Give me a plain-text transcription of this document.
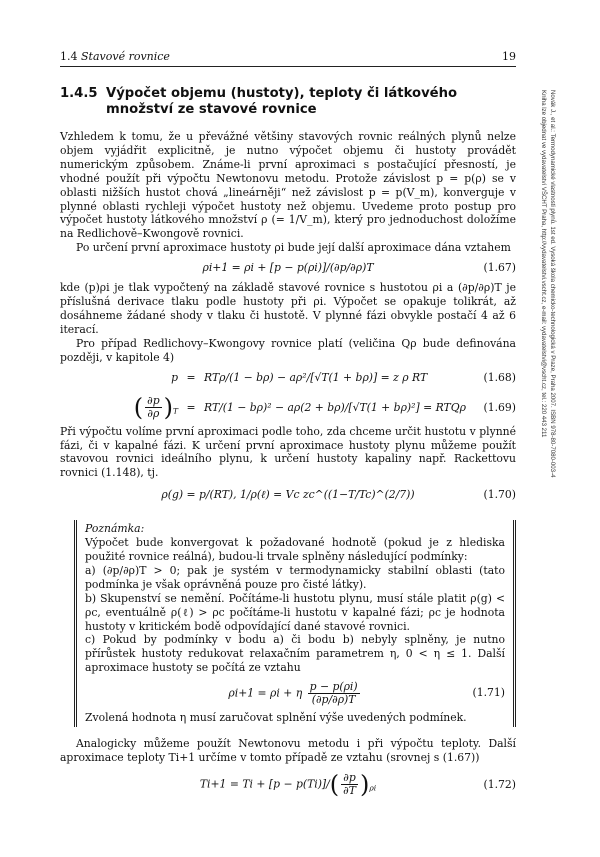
1.4 Stavové rovnice	19
Novák J., et al.: Termodynamické vlastnosti plynů. 1st ed. Vysoká škola chemicko-technologická v Praze, Praha 2007. ISBN 978-80-7080-003-4
Kniha lze objednat ve vydavatelství VŠCHT Praha, http://vydavatelstvi.vscht.cz, e-mail: vydavatelstvi@vscht.cz, tel.: 220 443 211
1.4.5 Výpočet objemu (hustoty), teploty či látkového množství ze stavové rovnice

Vzhledem k tomu, že u převážné většiny stavových rovnic reálných plynů nelze objem vyjádřit explicitně, je nutno výpočet objemu či hustoty provádět numerickým způsobem. Známe-li první aproximaci s postačující přesností, je vhodné použít při výpočtu Newtonovu metodu. Protože závislost p = p(ρ) se v oblasti nižších hustot chová „lineárněji“ než závislost p = p(V_m), konverguje v plynné oblasti rychleji výpočet hustoty než objemu. Uvedeme proto postup pro výpočet hustoty látkového množství ρ (= 1/V_m), který pro jednoduchost doložíme na Redlichově–Kwongově rovnici.

Po určení první aproximace hustoty ρi bude její další aproximace dána vztahem

ρi+1 = ρi + [p − p(ρi)]/(∂p/∂ρ)T	(1.67)

kde (p)ρi je tlak vypočtený na základě stavové rovnice s hustotou ρi a (∂p/∂ρ)T je příslušná derivace tlaku podle hustoty při ρi. Výpočet se opakuje tolikrát, až dosáhneme žádané shody v tlaku či hustotě. V plynné fázi obvykle postačí 4 až 6 iterací.

Pro případ Redlichovy–Kwongovy rovnice platí (veličina Qρ bude definována později, v kapitole 4)

p = RTρ/(1 − bρ) − aρ²/[√T(1 + bρ)] = z ρ RT	(1.68)
( $\frac{\partial p}{\partial\rho} )_T = RT/(1 - b\rho)^2 - a\rho(2 + b\rho)/[√T(1 + b\rho)^2] = RTQ\rho$	(1.69)

Při výpočtu volíme první aproximaci podle toho, zda chceme určit hustotu v plynné fázi, či v kapalné fázi. K určení první aproximace hustoty plynu můžeme použít stavovou rovnici ideálního plynu, k určení hustoty kapaliny např. Rackettovu rovnici (1.148), tj.

ρ(g) = p/(RT), 1/ρ(ℓ) = Vc zc^((1−T/Tc)^(2/7))	(1.70)
Poznámka:

Výpočet bude konvergovat k požadované hodnotě (pokud je z hlediska použité rovnice reálná), budou-li trvale splněny následující podmínky:

a) (∂p/∂ρ)T > 0; pak je systém v termodynamicky stabilní oblasti (tato podmínka je však oprávněná pouze pro čisté látky).

b) Skupenství se nemění. Počítáme-li hustotu plynu, musí stále platit ρ(g) < ρc, eventuálně ρ(ℓ) > ρc počítáme-li hustotu v kapalné fázi; ρc je hodnota hustoty v kritickém bodě odpovídající dané stavové rovnici.

c) Pokud by podmínky v bodu a) či bodu b) nebyly splněny, je nutno přírůstek hustoty redukovat relaxačním parametrem η, 0 < η ≤ 1. Další aproximace hustoty se počítá ze vztahu

ρi+1 = ρi + η $\frac{p - p(\rho i)}{(\partial p/\partial\rho)T}$	(1.71)

Zvolená hodnota η musí zaručovat splnění výše uvedených podmínek.

Analogicky můžeme použít Newtonovu metodu i při výpočtu teploty. Další aproximace teploty Ti+1 určíme v tomto případě ze vztahu (srovnej s (1.67))

$Ti+1 = Ti + [p - p(Ti)]/( \frac{\partial p}{\partial T} )_{\rho i}$	(1.72)
